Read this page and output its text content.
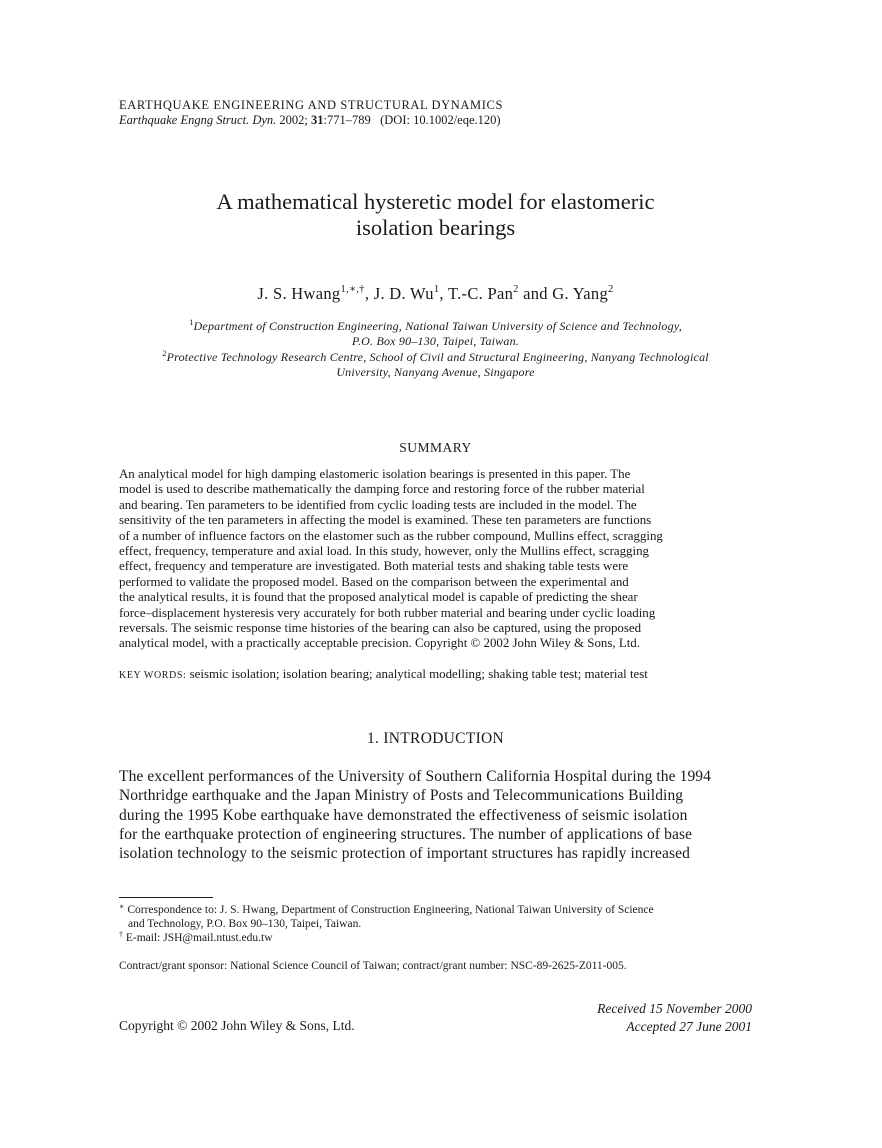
EARTHQUAKE ENGINEERING AND STRUCTURAL DYNAMICS
Earthquake Engng Struct. Dyn. 2002; 31:771–789 (DOI: 10.1002/eqe.120)
A mathematical hysteretic model for elastomeric
isolation bearings
J. S. Hwang$^{1,∗,\dagger}$, J. D. Wu$^1$, T.-C. Pan$^2$ and G. Yang$^2$
$^1$Department of Construction Engineering, National Taiwan University of Science and Technology,
P.O. Box 90–130, Taipei, Taiwan.
$^2$Protective Technology Research Centre, School of Civil and Structural Engineering, Nanyang Technological
University, Nanyang Avenue, Singapore
SUMMARY
An analytical model for high damping elastomeric isolation bearings is presented in this paper. The
model is used to describe mathematically the damping force and restoring force of the rubber material
and bearing. Ten parameters to be identified from cyclic loading tests are included in the model. The
sensitivity of the ten parameters in affecting the model is examined. These ten parameters are functions
of a number of influence factors on the elastomer such as the rubber compound, Mullins effect, scragging
effect, frequency, temperature and axial load. In this study, however, only the Mullins effect, scragging
effect, frequency and temperature are investigated. Both material tests and shaking table tests were
performed to validate the proposed model. Based on the comparison between the experimental and
the analytical results, it is found that the proposed analytical model is capable of predicting the shear
force–displacement hysteresis very accurately for both rubber material and bearing under cyclic loading
reversals. The seismic response time histories of the bearing can also be captured, using the proposed
analytical model, with a practically acceptable precision. Copyright © 2002 John Wiley & Sons, Ltd.
KEY WORDS: seismic isolation; isolation bearing; analytical modelling; shaking table test; material test
1. INTRODUCTION
The excellent performances of the University of Southern California Hospital during the 1994
Northridge earthquake and the Japan Ministry of Posts and Telecommunications Building
during the 1995 Kobe earthquake have demonstrated the effectiveness of seismic isolation
for the earthquake protection of engineering structures. The number of applications of base
isolation technology to the seismic protection of important structures has rapidly increased
∗ Correspondence to: J. S. Hwang, Department of Construction Engineering, National Taiwan University of Science
and Technology, P.O. Box 90–130, Taipei, Taiwan.
† E-mail: JSH@mail.ntust.edu.tw
Contract/grant sponsor: National Science Council of Taiwan; contract/grant number: NSC-89-2625-Z011-005.
Received 15 November 2000
Accepted 27 June 2001
Copyright © 2002 John Wiley & Sons, Ltd.
